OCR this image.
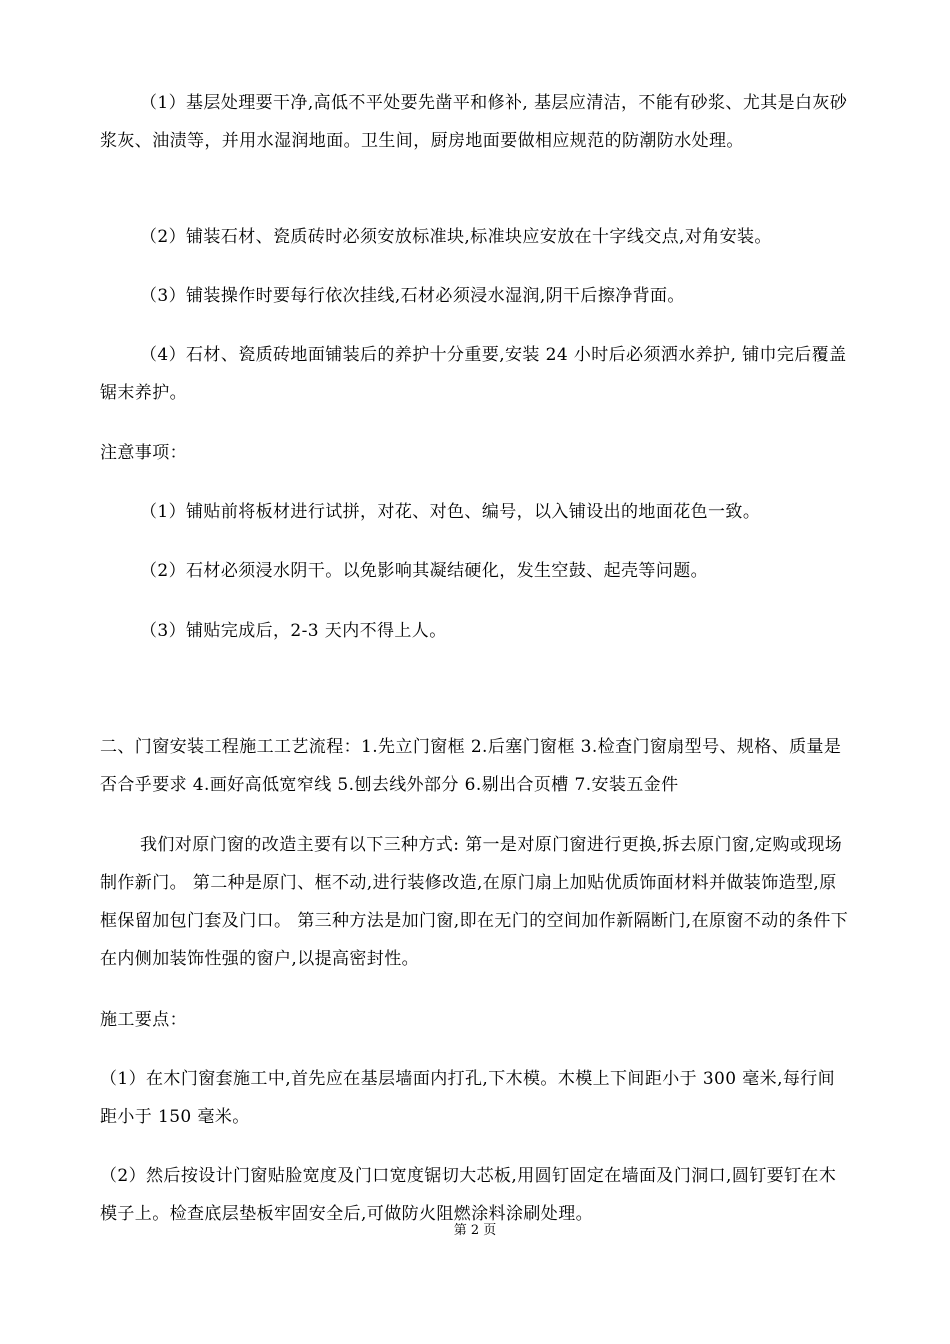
（1）基层处理要干净,高低不平处要先凿平和修补, 基层应清洁，不能有砂浆、尤其是白灰砂浆灰、油渍等，并用水湿润地面。卫生间，厨房地面要做相应规范的防潮防水处理。

（2）铺装石材、瓷质砖时必须安放标准块,标准块应安放在十字线交点,对角安装。

（3）铺装操作时要每行依次挂线,石材必须浸水湿润,阴干后擦净背面。

（4）石材、瓷质砖地面铺装后的养护十分重要,安装 24 小时后必须洒水养护, 铺巾完后覆盖锯末养护。

注意事项：

（1）铺贴前将板材进行试拼，对花、对色、编号，以入铺设出的地面花色一致。

（2）石材必须浸水阴干。以免影响其凝结硬化，发生空鼓、起壳等问题。

（3）铺贴完成后，2-3 天内不得上人。

二、门窗安装工程施工工艺流程：1.先立门窗框 2.后塞门窗框 3.检查门窗扇型号、规格、质量是否合乎要求 4.画好高低宽窄线 5.刨去线外部分 6.剔出合页槽 7.安装五金件

我们对原门窗的改造主要有以下三种方式: 第一是对原门窗进行更换,拆去原门窗,定购或现场制作新门。 第二种是原门、框不动,进行装修改造,在原门扇上加贴优质饰面材料并做装饰造型,原框保留加包门套及门口。 第三种方法是加门窗,即在无门的空间加作新隔断门,在原窗不动的条件下在内侧加装饰性强的窗户,以提高密封性。

施工要点：

（1）在木门窗套施工中,首先应在基层墙面内打孔,下木模。木模上下间距小于 300 毫米,每行间距小于 150 毫米。

（2）然后按设计门窗贴脸宽度及门口宽度锯切大芯板,用圆钉固定在墙面及门洞口,圆钉要钉在木模子上。检查底层垫板牢固安全后,可做防火阻燃涂料涂刷处理。

第 2 页
